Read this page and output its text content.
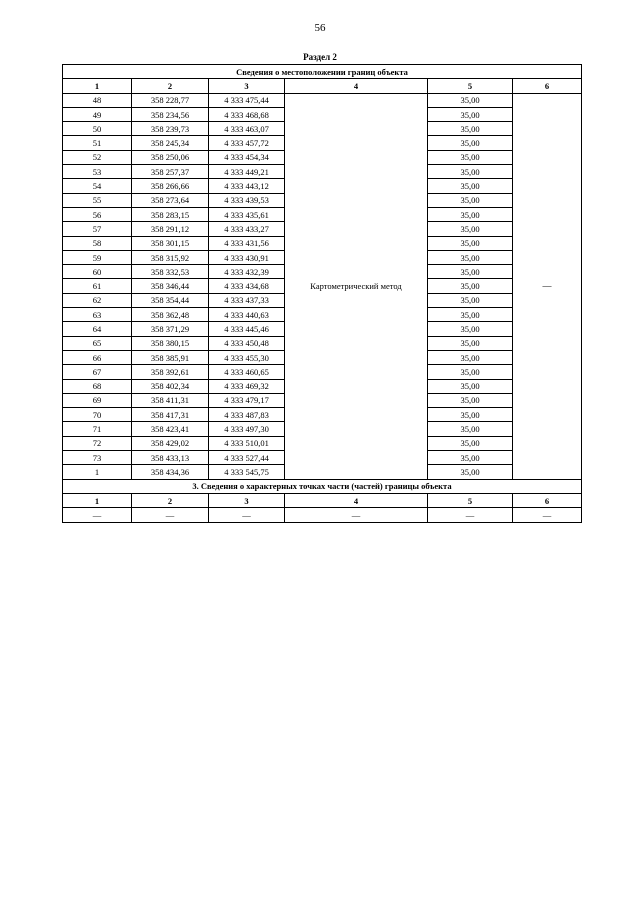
56
Раздел 2
Сведения о местоположении границ объекта					
1	2	3	4	5	6
48	358 228,77	4 333 475,44	Картометрический метод	35,00	—
49	358 234,56	4 333 468,68		35,00	
50	358 239,73	4 333 463,07		35,00	
51	358 245,34	4 333 457,72		35,00	
52	358 250,06	4 333 454,34		35,00	
53	358 257,37	4 333 449,21		35,00	
54	358 266,66	4 333 443,12		35,00	
55	358 273,64	4 333 439,53		35,00	
56	358 283,15	4 333 435,61		35,00	
57	358 291,12	4 333 433,27		35,00	
58	358 301,15	4 333 431,56		35,00	
59	358 315,92	4 333 430,91		35,00	
60	358 332,53	4 333 432,39		35,00	
61	358 346,44	4 333 434,68		35,00	
62	358 354,44	4 333 437,33		35,00	
63	358 362,48	4 333 440,63		35,00	
64	358 371,29	4 333 445,46		35,00	
65	358 380,15	4 333 450,48		35,00	
66	358 385,91	4 333 455,30		35,00	
67	358 392,61	4 333 460,65		35,00	
68	358 402,34	4 333 469,32		35,00	
69	358 411,31	4 333 479,17		35,00	
70	358 417,31	4 333 487,83		35,00	
71	358 423,41	4 333 497,30		35,00	
72	358 429,02	4 333 510,01		35,00	
73	358 433,13	4 333 527,44		35,00	
1	358 434,36	4 333 545,75		35,00	
3. Сведения о характерных точках части (частей) границы объекта					
1	2	3	4	5	6
—	—	—	—	—	—
